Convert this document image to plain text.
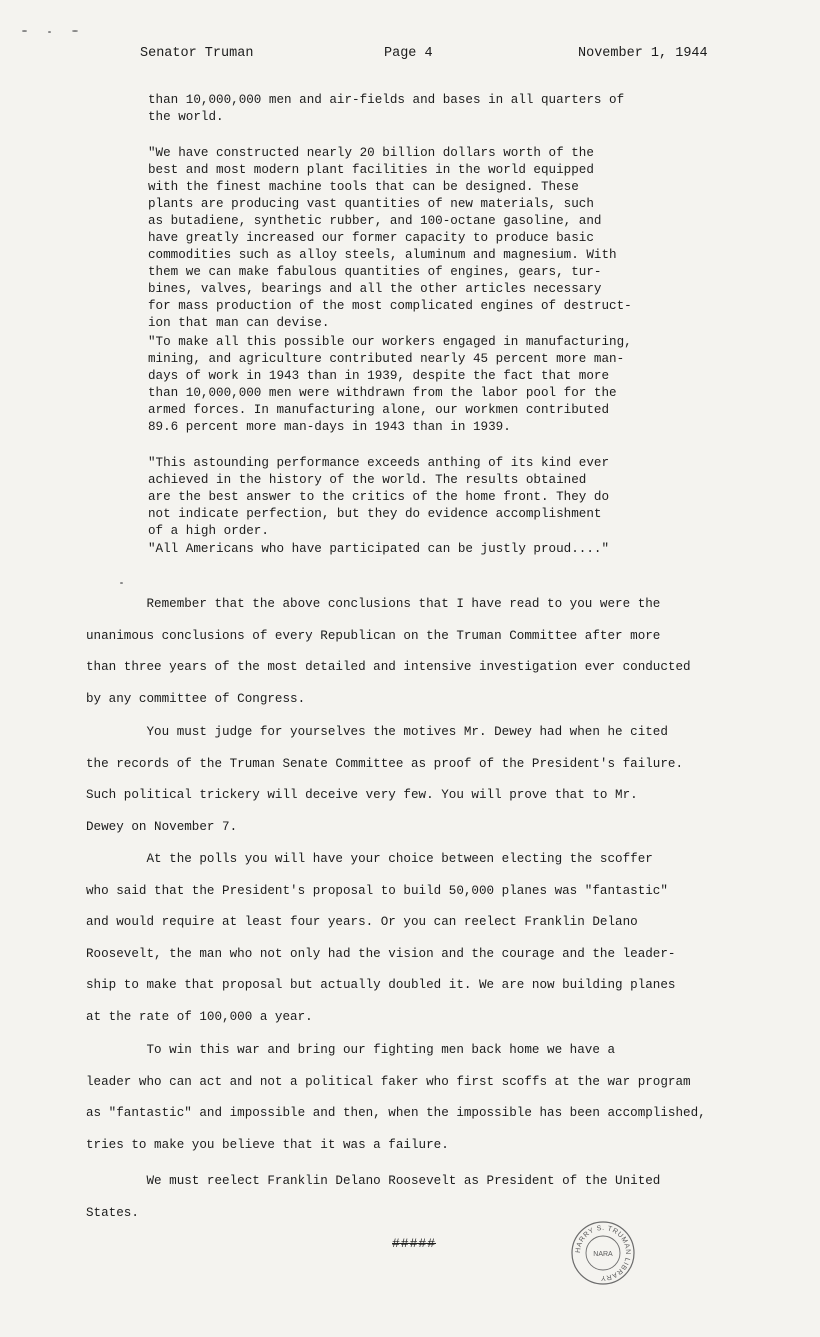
Senator Truman	Page 4	November 1, 1944

than 10,000,000 men and air-fields and bases in all quarters of
the world.

"We have constructed nearly 20 billion dollars worth of the
best and most modern plant facilities in the world equipped
with the finest machine tools that can be designed. These
plants are producing vast quantities of new materials, such
as butadiene, synthetic rubber, and 100-octane gasoline, and
have greatly increased our former capacity to produce basic
commodities such as alloy steels, aluminum and magnesium. With
them we can make fabulous quantities of engines, gears, tur-
bines, valves, bearings and all the other articles necessary
for mass production of the most complicated engines of destruct-
ion that man can devise.

"To make all this possible our workers engaged in manufacturing,
mining, and agriculture contributed nearly 45 percent more man-
days of work in 1943 than in 1939, despite the fact that more
than 10,000,000 men were withdrawn from the labor pool for the
armed forces. In manufacturing alone, our workmen contributed
89.6 percent more man-days in 1943 than in 1939.

"This astounding performance exceeds anthing of its kind ever
achieved in the history of the world. The results obtained
are the best answer to the critics of the home front. They do
not indicate perfection, but they do evidence accomplishment
of a high order.

"All Americans who have participated can be justly proud...."

Remember that the above conclusions that I have read to you were the
unanimous conclusions of every Republican on the Truman Committee after more
than three years of the most detailed and intensive investigation ever conducted
by any committee of Congress.

You must judge for yourselves the motives Mr. Dewey had when he cited
the records of the Truman Senate Committee as proof of the President's failure.
Such political trickery will deceive very few. You will prove that to Mr.
Dewey on November 7.

At the polls you will have your choice between electing the scoffer
who said that the President's proposal to build 50,000 planes was "fantastic"
and would require at least four years. Or you can reelect Franklin Delano
Roosevelt, the man who not only had the vision and the courage and the leader-
ship to make that proposal but actually doubled it. We are now building planes
at the rate of 100,000 a year.

To win this war and bring our fighting men back home we have a
leader who can act and not a political faker who first scoffs at the war program
as "fantastic" and impossible and then, when the impossible has been accomplished,
tries to make you believe that it was a failure.

We must reelect Franklin Delano Roosevelt as President of the United
States.

#####	HARRY S. TRUMAN LIBRARY
NARA
